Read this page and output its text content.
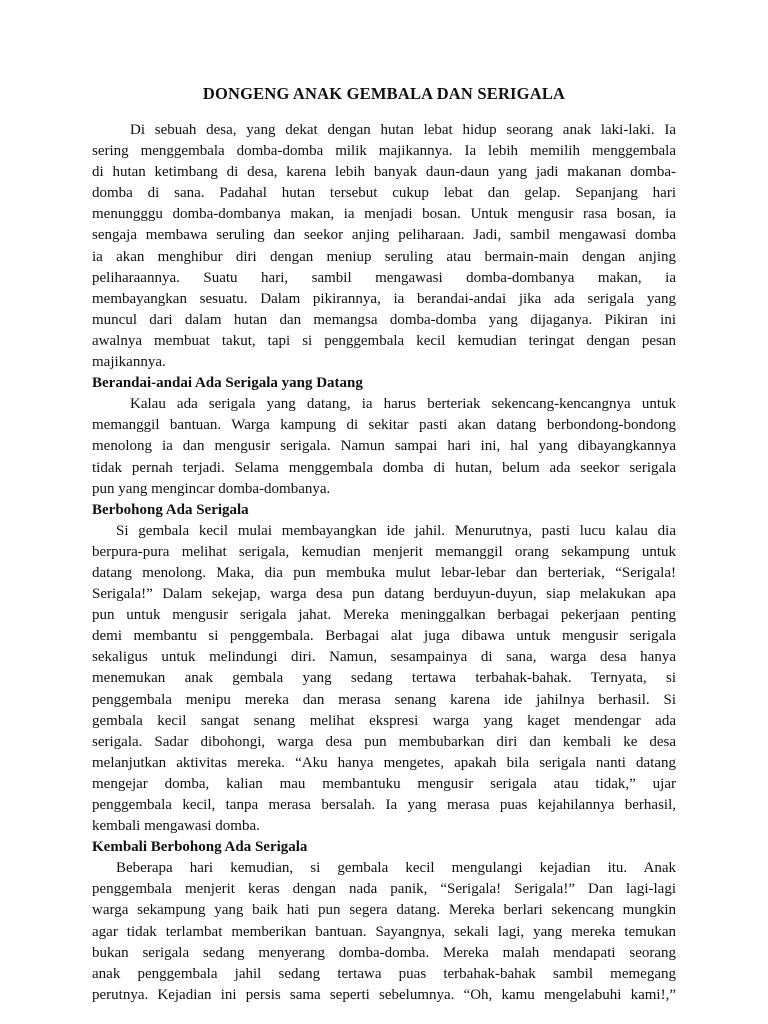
DONGENG ANAK GEMBALA DAN SERIGALA
Di sebuah desa, yang dekat dengan hutan lebat hidup seorang anak laki-laki. Ia
sering menggembala domba-domba milik majikannya. Ia lebih memilih menggembala
di hutan ketimbang di desa, karena lebih banyak daun-daun yang jadi makanan domba-
domba di sana. Padahal hutan tersebut cukup lebat dan gelap. Sepanjang hari
menungggu domba-dombanya makan, ia menjadi bosan. Untuk mengusir rasa bosan, ia
sengaja membawa seruling dan seekor anjing peliharaan. Jadi, sambil mengawasi domba
ia akan menghibur diri dengan meniup seruling atau bermain-main dengan anjing
peliharaannya. Suatu hari, sambil mengawasi domba-dombanya makan, ia
membayangkan sesuatu. Dalam pikirannya, ia berandai-andai jika ada serigala yang
muncul dari dalam hutan dan memangsa domba-domba yang dijaganya. Pikiran ini
awalnya membuat takut, tapi si penggembala kecil kemudian teringat dengan pesan
majikannya.
Berandai-andai Ada Serigala yang Datang
Kalau ada serigala yang datang, ia harus berteriak sekencang-kencangnya untuk
memanggil bantuan. Warga kampung di sekitar pasti akan datang berbondong-bondong
menolong ia dan mengusir serigala. Namun sampai hari ini, hal yang dibayangkannya
tidak pernah terjadi. Selama menggembala domba di hutan, belum ada seekor serigala
pun yang mengincar domba-dombanya.
Berbohong Ada Serigala
Si gembala kecil mulai membayangkan ide jahil. Menurutnya, pasti lucu kalau dia
berpura-pura melihat serigala, kemudian menjerit memanggil orang sekampung untuk
datang menolong. Maka, dia pun membuka mulut lebar-lebar dan berteriak, “Serigala!
Serigala!” Dalam sekejap, warga desa pun datang berduyun-duyun, siap melakukan apa
pun untuk mengusir serigala jahat. Mereka meninggalkan berbagai pekerjaan penting
demi membantu si penggembala. Berbagai alat juga dibawa untuk mengusir serigala
sekaligus untuk melindungi diri. Namun, sesampainya di sana, warga desa hanya
menemukan anak gembala yang sedang tertawa terbahak-bahak. Ternyata, si
penggembala menipu mereka dan merasa senang karena ide jahilnya berhasil. Si
gembala kecil sangat senang melihat ekspresi warga yang kaget mendengar ada
serigala. Sadar dibohongi, warga desa pun membubarkan diri dan kembali ke desa
melanjutkan aktivitas mereka. “Aku hanya mengetes, apakah bila serigala nanti datang
mengejar domba, kalian mau membantuku mengusir serigala atau tidak,” ujar
penggembala kecil, tanpa merasa bersalah. Ia yang merasa puas kejahilannya berhasil,
kembali mengawasi domba.
Kembali Berbohong Ada Serigala
Beberapa hari kemudian, si gembala kecil mengulangi kejadian itu. Anak
penggembala menjerit keras dengan nada panik, “Serigala! Serigala!” Dan lagi-lagi
warga sekampung yang baik hati pun segera datang. Mereka berlari sekencang mungkin
agar tidak terlambat memberikan bantuan. Sayangnya, sekali lagi, yang mereka temukan
bukan serigala sedang menyerang domba-domba. Mereka malah mendapati seorang
anak penggembala jahil sedang tertawa puas terbahak-bahak sambil memegang
perutnya. Kejadian ini persis sama seperti sebelumnya. “Oh, kamu mengelabuhi kami!,”
